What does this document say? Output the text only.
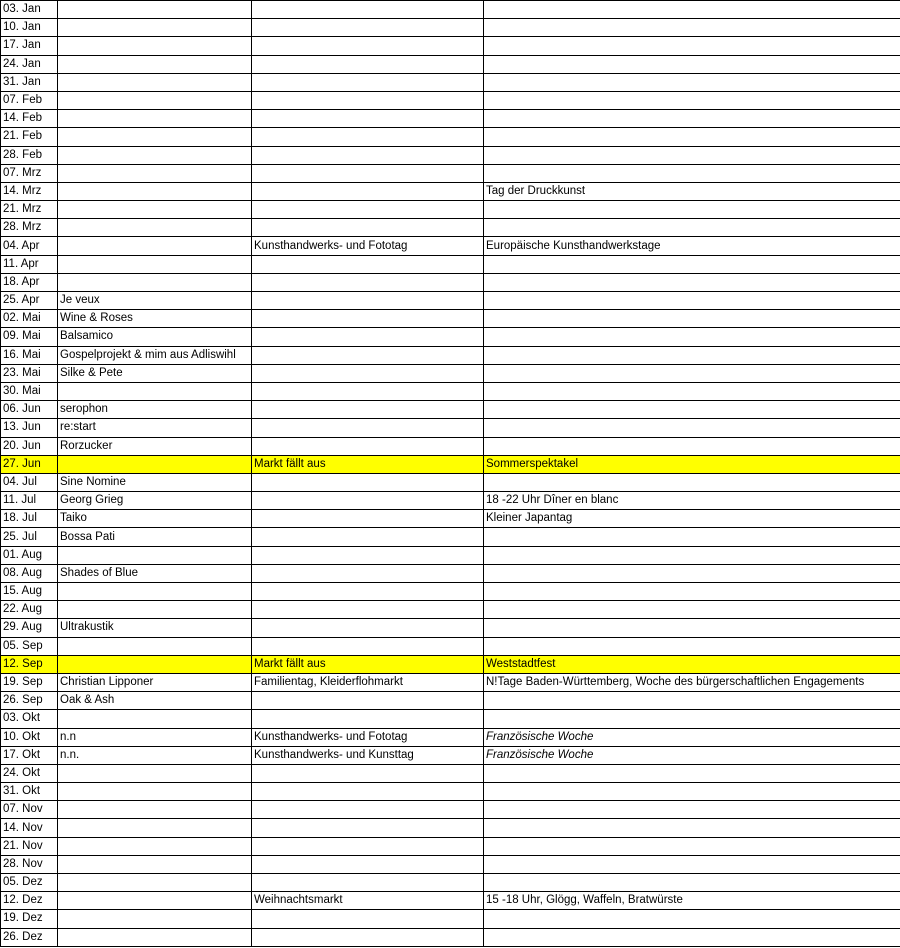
03. Jan			
10. Jan			
17. Jan			
24. Jan			
31. Jan			
07. Feb			
14. Feb			
21. Feb			
28. Feb			
07. Mrz			
14. Mrz			Tag der Druckkunst
21. Mrz			
28. Mrz			
04. Apr		Kunsthandwerks- und Fototag	Europäische Kunsthandwerkstage
11. Apr			
18. Apr			
25. Apr	Je veux		
02. Mai	Wine & Roses		
09. Mai	Balsamico		
16. Mai	Gospelprojekt & mim aus Adliswihl		
23. Mai	Silke & Pete		
30. Mai			
06. Jun	serophon		
13. Jun	re:start		
20. Jun	Rorzucker		
27. Jun		Markt fällt aus	Sommerspektakel
04. Jul	Sine Nomine		
11. Jul	Georg Grieg		18 -22 Uhr Dîner en blanc
18. Jul	Taiko		Kleiner Japantag
25. Jul	Bossa Pati		
01. Aug			
08. Aug	Shades of Blue		
15. Aug			
22. Aug			
29. Aug	Ultrakustik		
05. Sep			
12. Sep		Markt fällt aus	Weststadtfest
19. Sep	Christian Lipponer	Familientag, Kleiderflohmarkt	N!Tage Baden-Württemberg, Woche des bürgerschaftlichen Engagements
26. Sep	Oak & Ash		
03. Okt			
10. Okt	n.n	Kunsthandwerks- und Fototag	Französische Woche
17. Okt	n.n.	Kunsthandwerks- und Kunsttag	Französische Woche
24. Okt			
31. Okt			
07. Nov			
14. Nov			
21. Nov			
28. Nov			
05. Dez			
12. Dez		Weihnachtsmarkt	15 -18 Uhr, Glögg, Waffeln, Bratwürste
19. Dez			
26. Dez			
